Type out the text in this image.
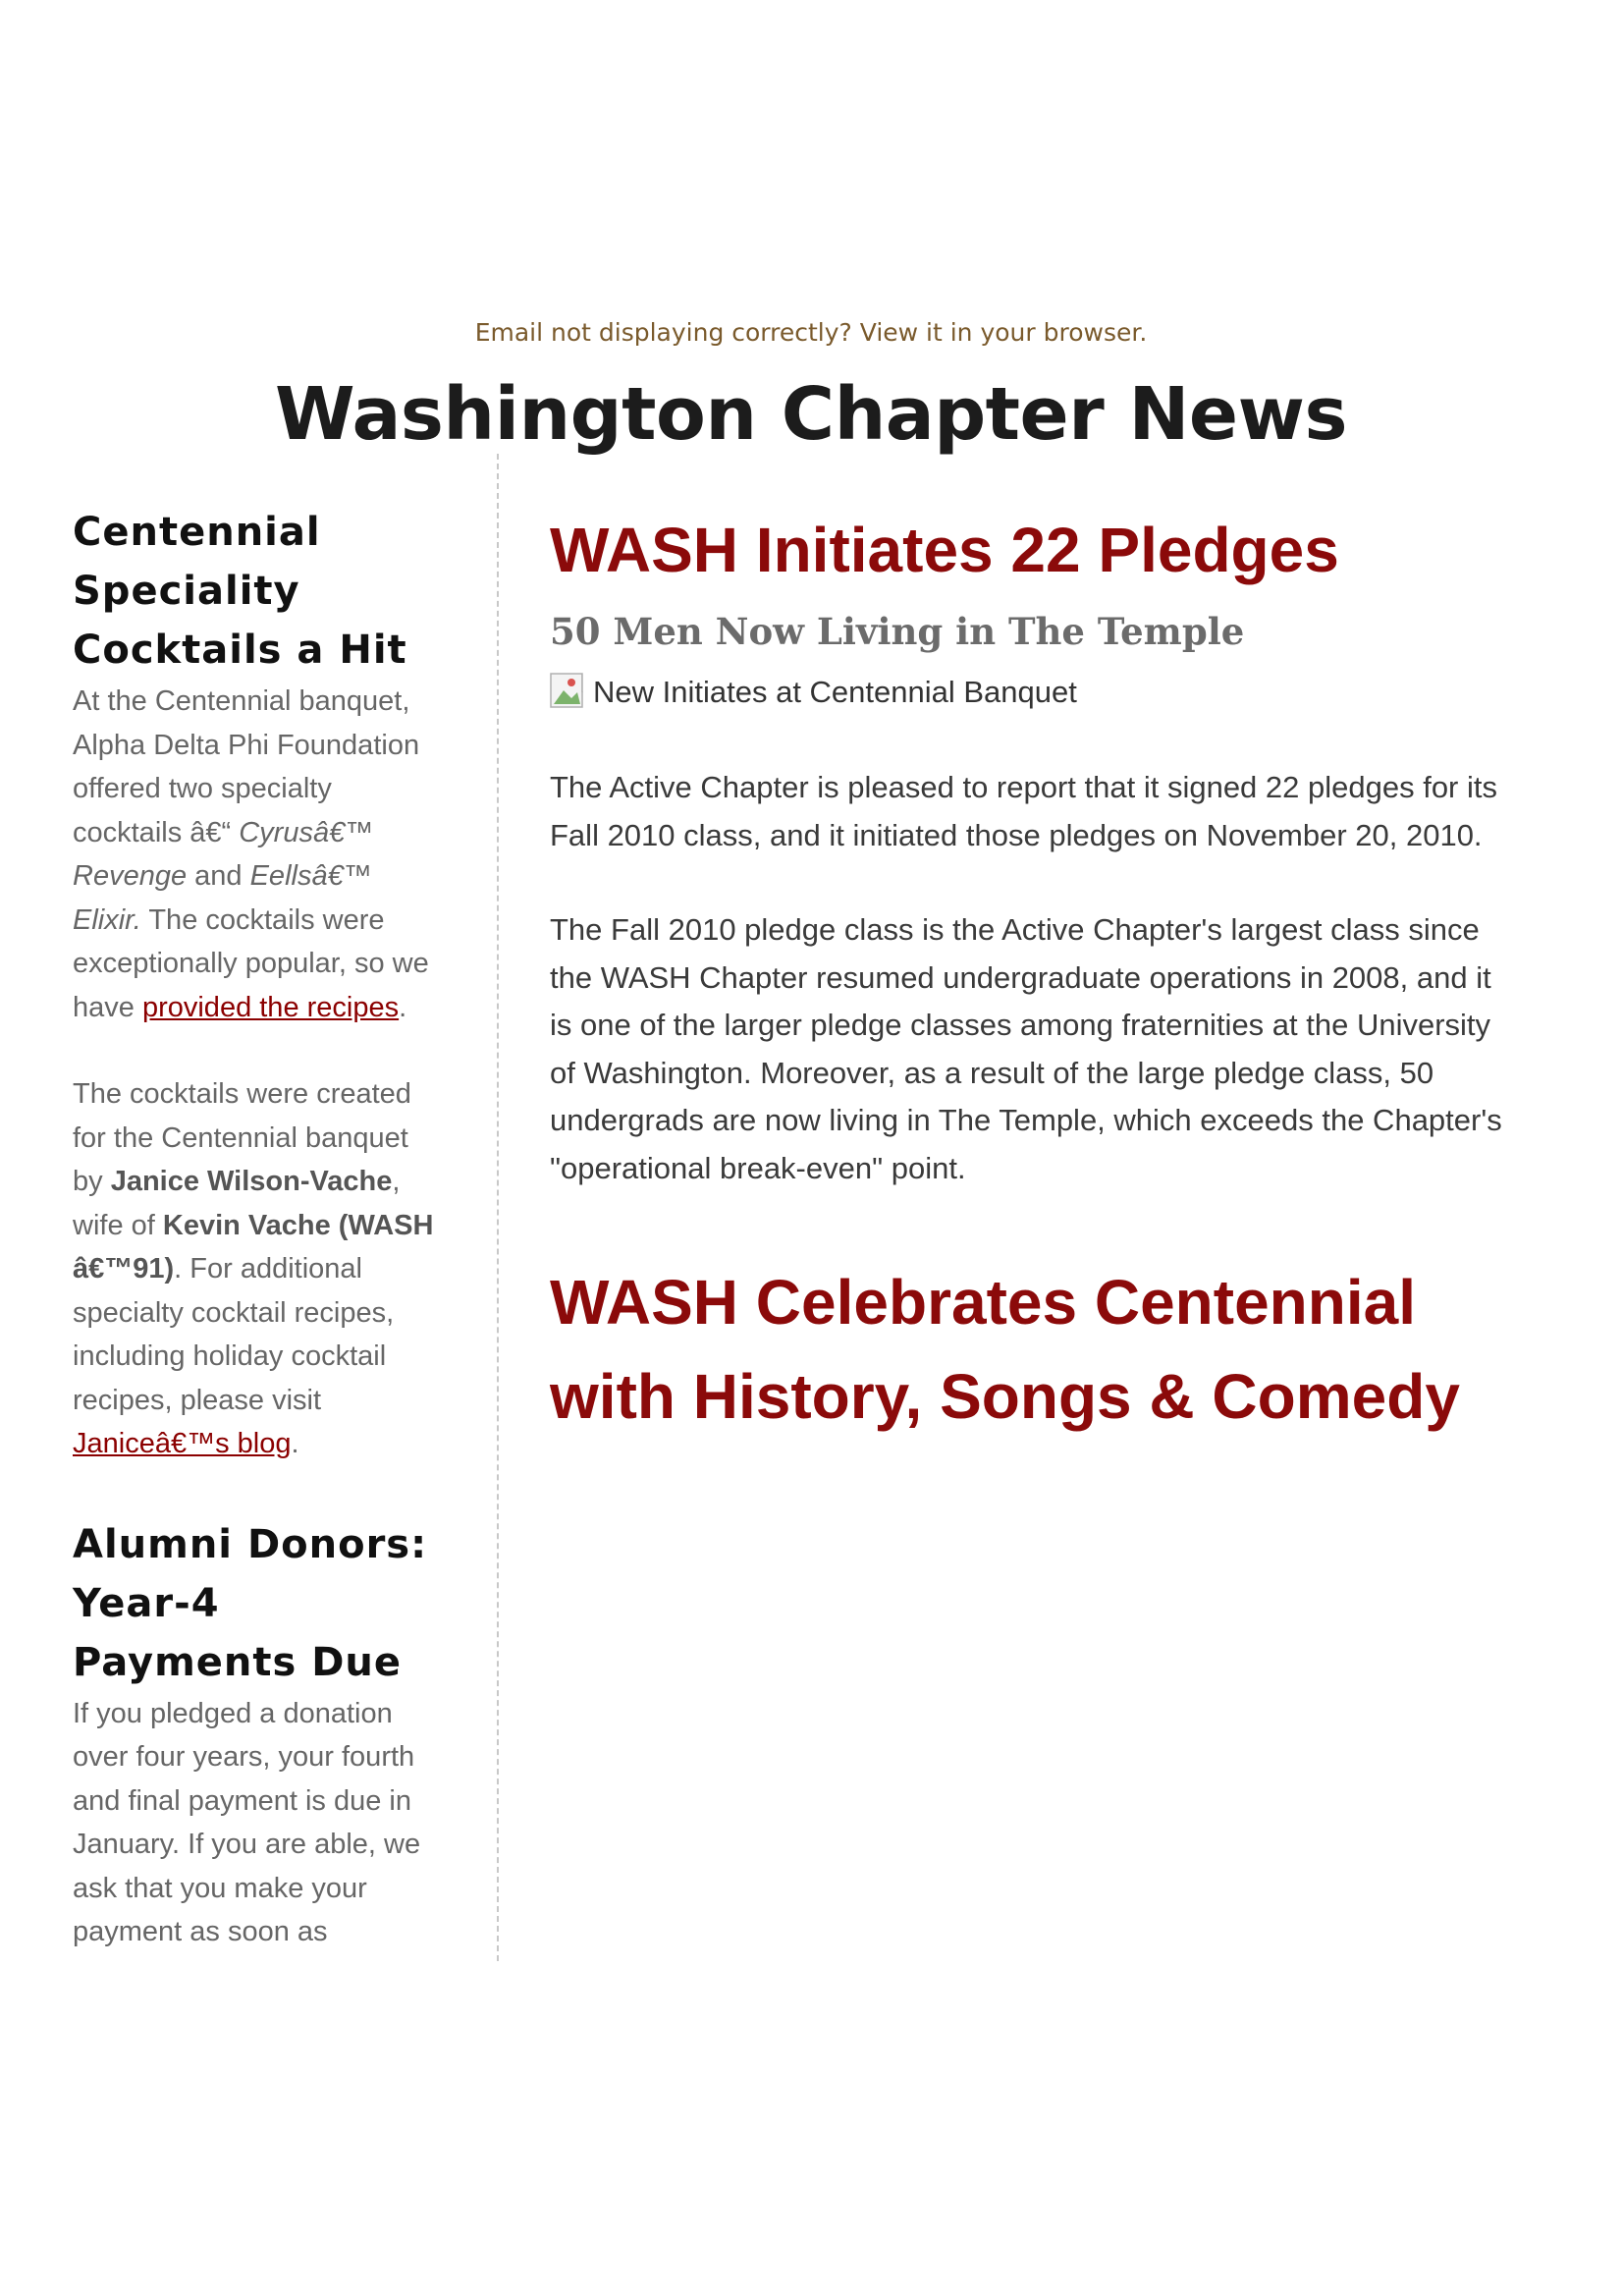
Email not displaying correctly? View it in your browser.
Washington Chapter News
Centennial
Speciality
Cocktails a Hit

At the Centennial banquet,
Alpha Delta Phi Foundation
offered two specialty
cocktails â€“ Cyrusâ€™
Revenge and Eellsâ€™
Elixir. The cocktails were
exceptionally popular, so we
have provided the recipes.

The cocktails were created
for the Centennial banquet
by Janice Wilson-Vache,
wife of Kevin Vache (WASH
â€™91). For additional
specialty cocktail recipes,
including holiday cocktail
recipes, please visit
Janiceâ€™s blog.

Alumni Donors:
Year-4
Payments Due

If you pledged a donation
over four years, your fourth
and final payment is due in
January. If you are able, we
ask that you make your
payment as soon as

WASH Initiates 22 Pledges
50 Men Now Living in The Temple
New Initiates at Centennial Banquet

The Active Chapter is pleased to report that it signed 22 pledges for its
Fall 2010 class, and it initiated those pledges on November 20, 2010.

The Fall 2010 pledge class is the Active Chapter's largest class since
the WASH Chapter resumed undergraduate operations in 2008, and it
is one of the larger pledge classes among fraternities at the University
of Washington. Moreover, as a result of the large pledge class, 50
undergrads are now living in The Temple, which exceeds the Chapter's
"operational break-even" point.

WASH Celebrates Centennial
with History, Songs & Comedy
